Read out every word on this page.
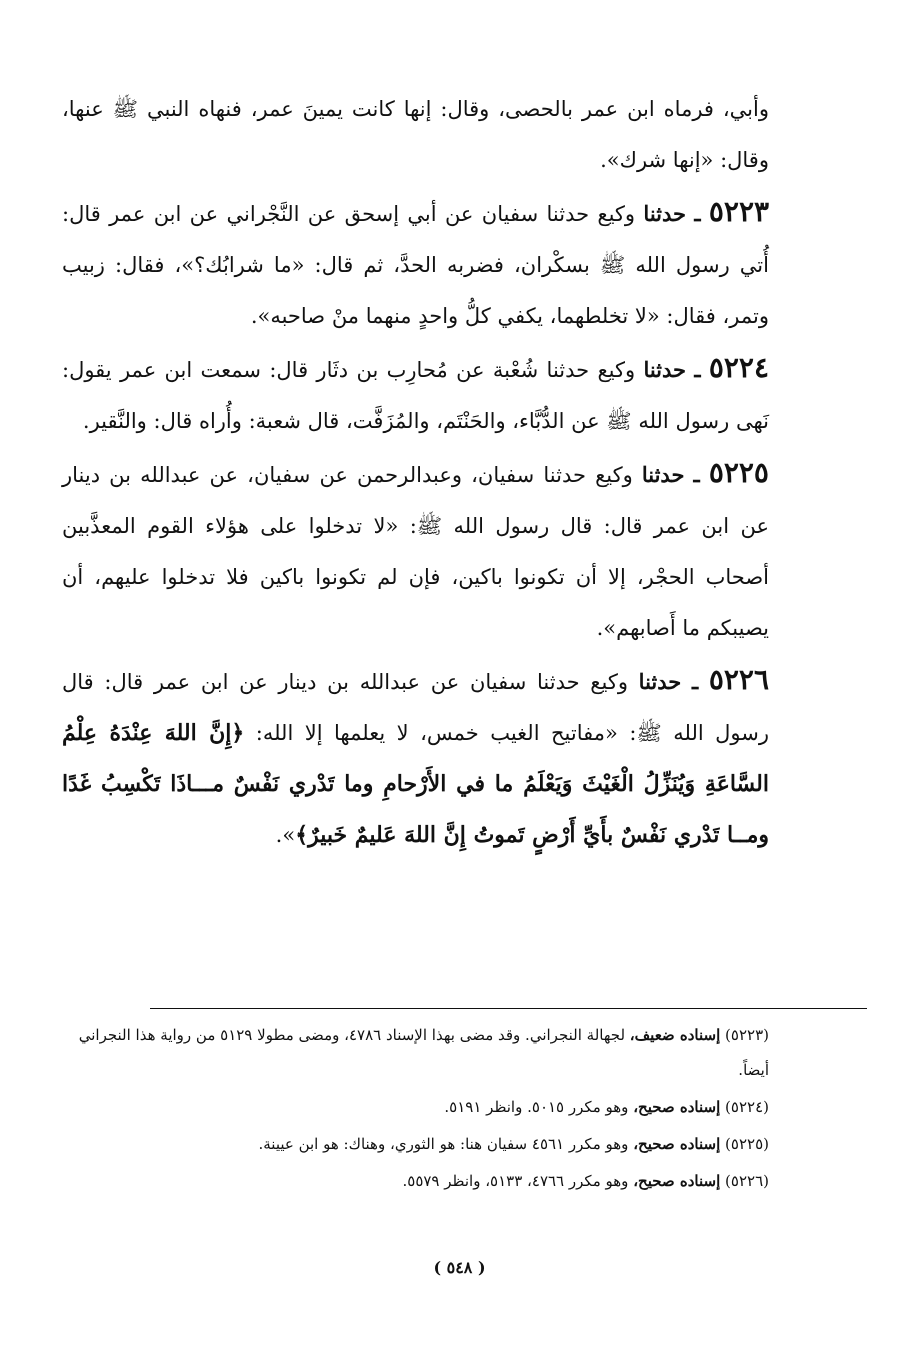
وأبي، فرماه ابن عمر بالحصى، وقال: إنها كانت يمينَ عمر، فنهاه النبي ﷺ عنها، وقال: «إنها شرك».

٥٢٢٣ ـ حدثنا وكيع حدثنا سفيان عن أبي إسحق عن النَّجْراني عن ابن عمر قال: أُتي رسول الله ﷺ بسكْران، فضربه الحدَّ، ثم قال: «ما شرابُك؟»، فقال: زبيب وتمر، فقال: «لا تخلطهما، يكفي كلُّ واحدٍ منهما منْ صاحبه».

٥٢٢٤ ـ حدثنا وكيع حدثنا شُعْبة عن مُحارِب بن دثَار قال: سمعت ابن عمر يقول: نَهى رسول الله ﷺ عن الدُّبَّاء، والحَنْتَم، والمُزَفَّت، قال شعبة: وأُراه قال: والنَّقير.

٥٢٢٥ ـ حدثنا وكيع حدثنا سفيان، وعبدالرحمن عن سفيان، عن عبدالله بن دينار عن ابن عمر قال: قال رسول الله ﷺ: «لا تدخلوا على هؤلاء القوم المعذَّبين أصحاب الحجْر، إلا أن تكونوا باكين، فإن لم تكونوا باكين فلا تدخلوا عليهم، أن يصيبكم ما أَصابهم».

٥٢٢٦ ـ حدثنا وكيع حدثنا سفيان عن عبدالله بن دينار عن ابن عمر قال: قال رسول الله ﷺ: «مفاتيح الغيب خمس، لا يعلمها إلا الله: ﴿إِنَّ اللهَ عِنْدَهُ عِلْمُ السَّاعَةِ وَيُنَزِّلُ الْغَيْثَ وَيَعْلَمُ ما في الأَرْحامِ وما تَدْري نَفْسٌ مـــاذَا تَكْسِبُ غَدًا ومــا تَدْري نَفْسٌ بأَيِّ أَرْضٍ تَموتُ إِنَّ اللهَ عَليمٌ خَبيرٌ﴾».

(٥٢٢٣) إسناده ضعيف، لجهالة النجراني. وقد مضى بهذا الإسناد ٤٧٨٦، ومضى مطولا ٥١٢٩ من رواية هذا النجراني أيضاً.

(٥٢٢٤) إسناده صحيح، وهو مكرر ٥٠١٥. وانظر ٥١٩١.

(٥٢٢٥) إسناده صحيح، وهو مكرر ٤٥٦١ سفيان هنا: هو الثوري، وهناك: هو ابن عيينة.

(٥٢٢٦) إسناده صحيح، وهو مكرر ٤٧٦٦، ٥١٣٣، وانظر ٥٥٧٩.

( ٥٤٨ )
